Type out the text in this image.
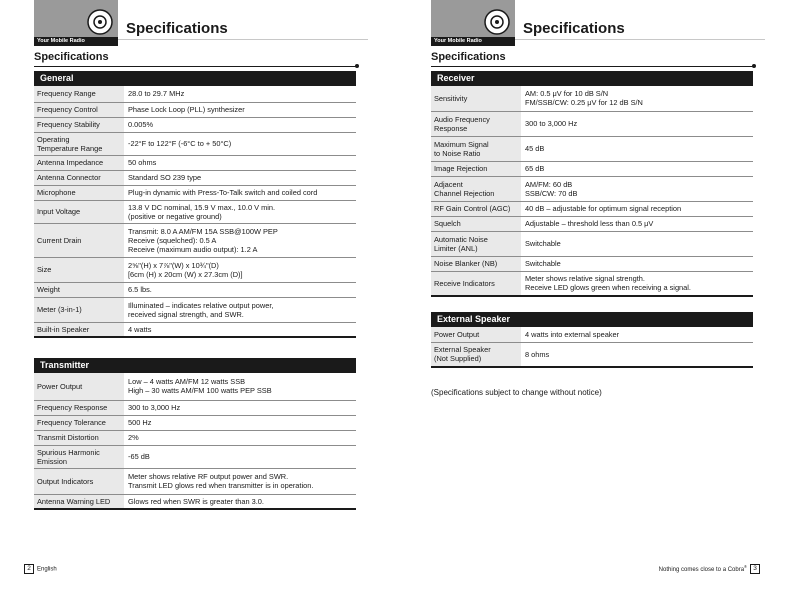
Your Mobile Radio
Specifications
Specifications
General
Frequency Range	28.0 to 29.7 MHz
Frequency Control	Phase Lock Loop (PLL) synthesizer
Frequency Stability	0.005%
Operating
Temperature Range	-22°F to 122°F (-6°C to + 50°C)
Antenna Impedance	50 ohms
Antenna Connector	Standard SO 239 type
Microphone	Plug-in dynamic with Press-To-Talk switch and coiled cord
Input Voltage	13.8 V DC nominal, 15.9 V max., 10.0 V min.
(positive or negative ground)
Current Drain	Transmit: 8.0 A AM/FM 15A SSB@100W PEP
Receive (squelched): 0.5 A
Receive (maximum audio output): 1.2 A
Size	2⅝"(H) x 7⅞"(W) x 10¾"(D)
[6cm (H) x 20cm (W) x 27.3cm (D)]
Weight	6.5 lbs.
Meter (3-in-1)	Illuminated – indicates relative output power,
received signal strength, and SWR.
Built-in Speaker	4 watts
Transmitter
Power Output	Low – 4 watts AM/FM 12 watts SSB
High – 30 watts AM/FM 100 watts PEP SSB
Frequency Response	300 to 3,000 Hz
Frequency Tolerance	500 Hz
Transmit Distortion	2%
Spurious Harmonic
Emission	-65 dB
Output Indicators	Meter shows relative RF output power and SWR.
Transmit LED glows red when transmitter is in operation.
Antenna Warning LED	Glows red when SWR is greater than 3.0.
2 English
Your Mobile Radio
Specifications
Specifications
Receiver
Sensitivity	AM: 0.5 μV for 10 dB S/N
FM/SSB/CW: 0.25 μV for 12 dB S/N
Audio Frequency
Response	300 to 3,000 Hz
Maximum Signal
to Noise Ratio	45 dB
Image Rejection	65 dB
Adjacent
Channel Rejection	AM/FM: 60 dB
SSB/CW: 70 dB
RF Gain Control (AGC)	40 dB – adjustable for optimum signal reception
Squelch	Adjustable – threshold less than 0.5 μV
Automatic Noise
Limiter (ANL)	Switchable
Noise Blanker (NB)	Switchable
Receive Indicators	Meter shows relative signal strength.
Receive LED glows green when receiving a signal.
External Speaker
Power Output	4 watts into external speaker
External Speaker
(Not Supplied)	8 ohms
(Specifications subject to change without notice)
Nothing comes close to a Cobra® 3
